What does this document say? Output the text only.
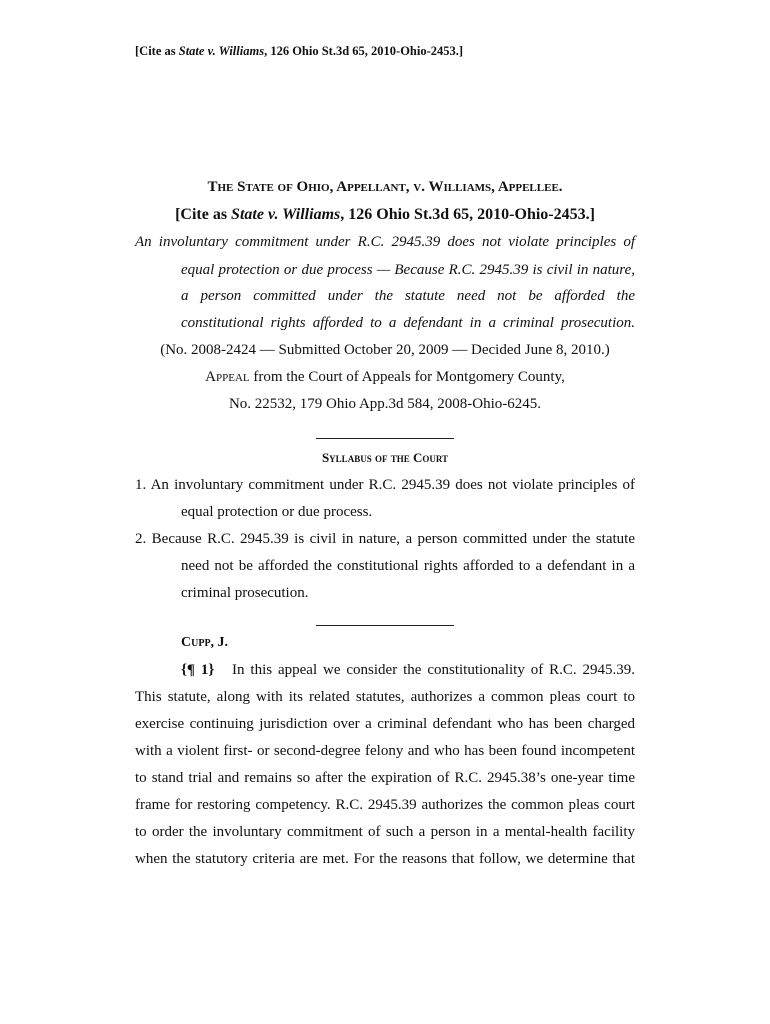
[Cite as State v. Williams, 126 Ohio St.3d 65, 2010-Ohio-2453.]
The State of Ohio, Appellant, v. Williams, Appellee.
[Cite as State v. Williams, 126 Ohio St.3d 65, 2010-Ohio-2453.]
An involuntary commitment under R.C. 2945.39 does not violate principles of
equal protection or due process — Because R.C. 2945.39 is civil in nature,
a person committed under the statute need not be afforded the
constitutional rights afforded to a defendant in a criminal prosecution.
(No. 2008-2424 — Submitted October 20, 2009 — Decided June 8, 2010.)
Appeal from the Court of Appeals for Montgomery County,
No. 22532, 179 Ohio App.3d 584, 2008-Ohio-6245.
Syllabus of the Court
1. An involuntary commitment under R.C. 2945.39 does not violate principles of
equal protection or due process.
2. Because R.C. 2945.39 is civil in nature, a person committed under the statute
need not be afforded the constitutional rights afforded to a defendant in a
criminal prosecution.
Cupp, J.
{¶ 1} In this appeal we consider the constitutionality of R.C. 2945.39.
This statute, along with its related statutes, authorizes a common pleas court to
exercise continuing jurisdiction over a criminal defendant who has been charged
with a violent first- or second-degree felony and who has been found incompetent
to stand trial and remains so after the expiration of R.C. 2945.38’s one-year time
frame for restoring competency. R.C. 2945.39 authorizes the common pleas court
to order the involuntary commitment of such a person in a mental-health facility
when the statutory criteria are met. For the reasons that follow, we determine that
